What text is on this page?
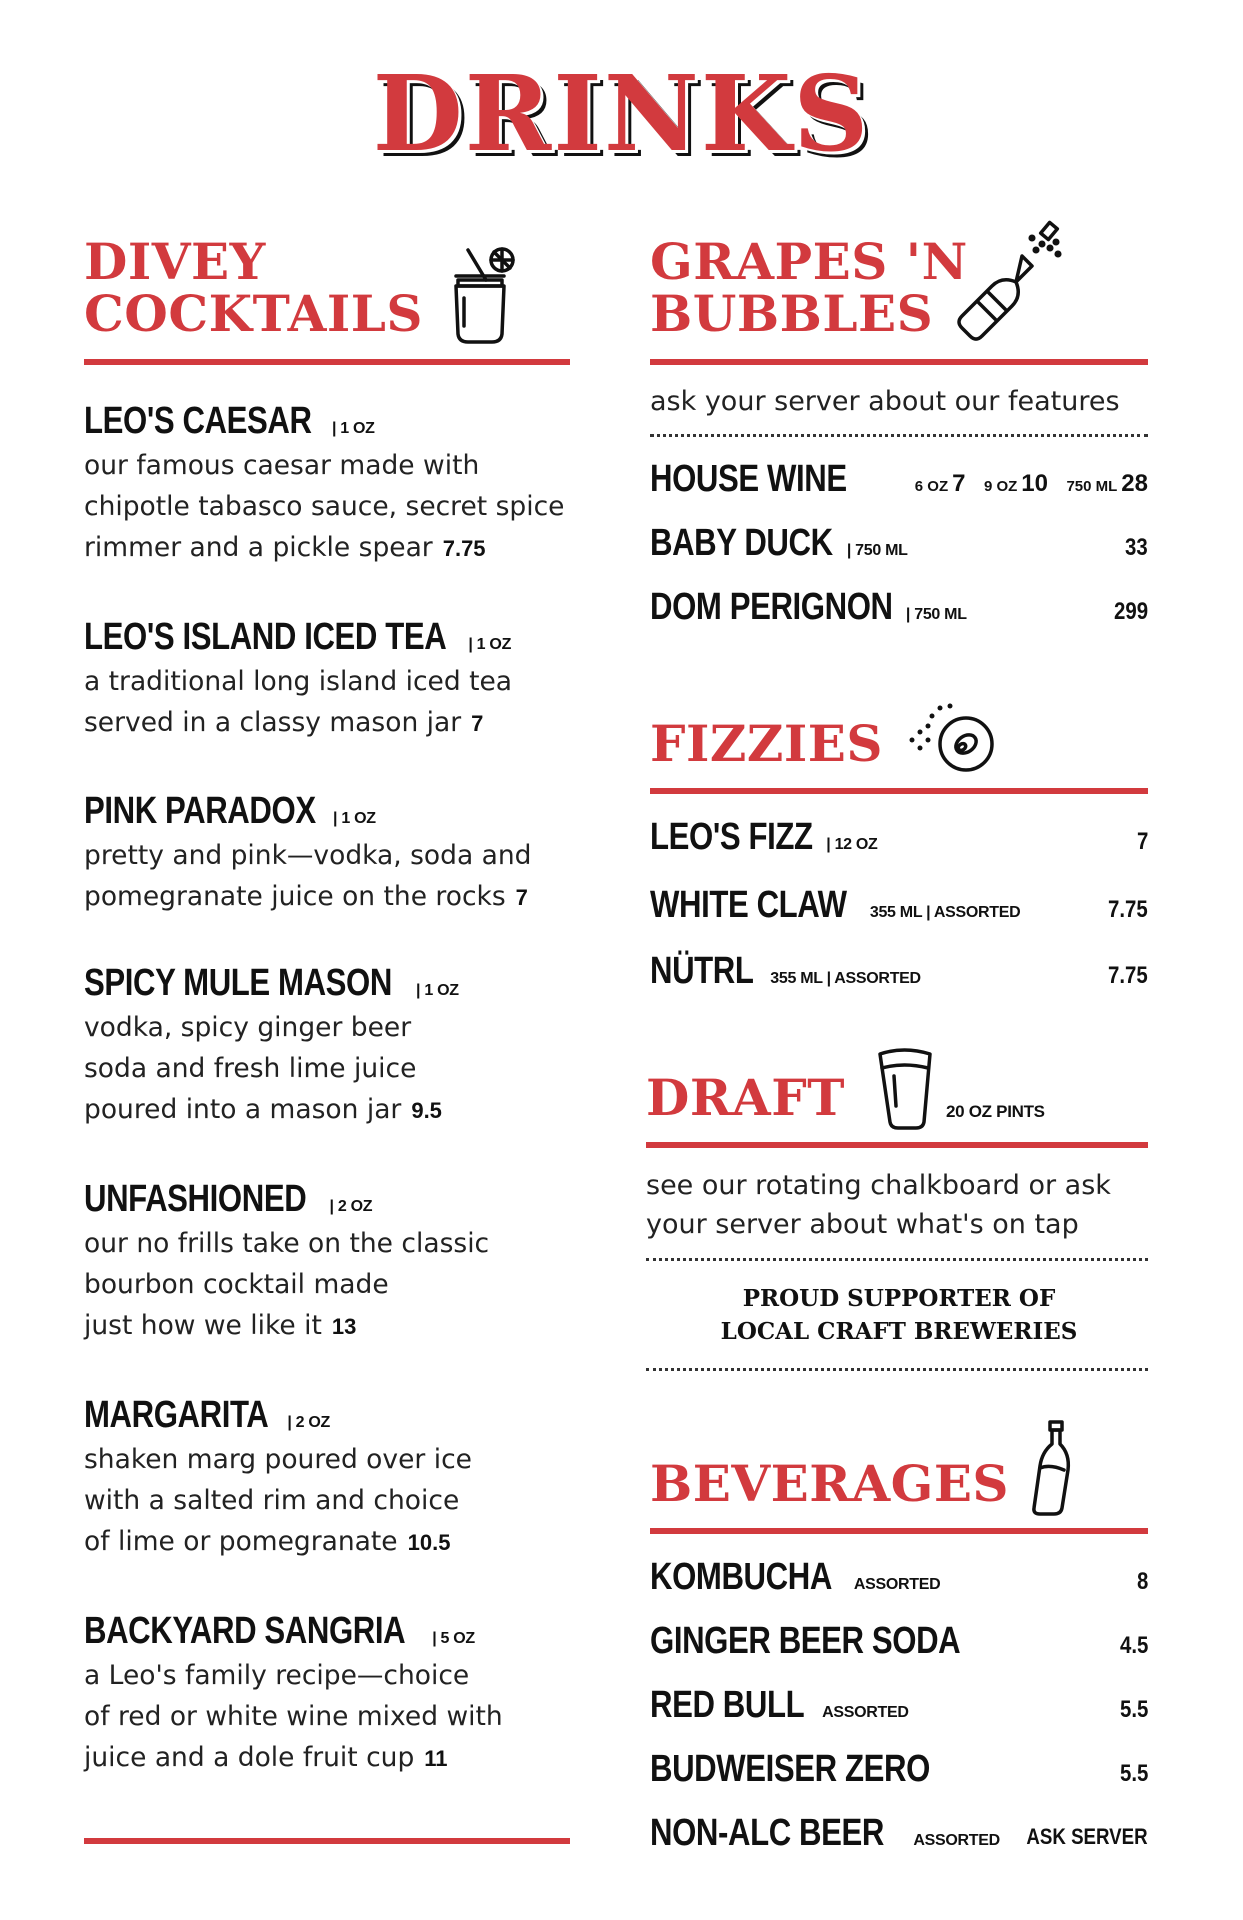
DRINKS
DIVEY
COCKTAILS
LEO'S CAESAR | 1 OZ
our famous caesar made with
chipotle tabasco sauce, secret spice
rimmer and a pickle spear 7.75
LEO'S ISLAND ICED TEA | 1 OZ
a traditional long island iced tea
served in a classy mason jar 7
PINK PARADOX | 1 OZ
pretty and pink—vodka, soda and
pomegranate juice on the rocks 7
SPICY MULE MASON | 1 OZ
vodka, spicy ginger beer
soda and fresh lime juice
poured into a mason jar 9.5
UNFASHIONED | 2 OZ
our no frills take on the classic
bourbon cocktail made
just how we like it 13
MARGARITA | 2 OZ
shaken marg poured over ice
with a salted rim and choice
of lime or pomegranate 10.5
BACKYARD SANGRIA | 5 OZ
a Leo's family recipe—choice
of red or white wine mixed with
juice and a dole fruit cup 11
GRAPES 'N
BUBBLES
ask your server about our features
HOUSE WINE	6 OZ 7 9 OZ 10 750 ML 28
BABY DUCK | 750 ML	33
DOM PERIGNON | 750 ML	299
FIZZIES
LEO'S FIZZ | 12 OZ	7
WHITE CLAW 355 ML | ASSORTED	7.75
NÜTRL 355 ML | ASSORTED	7.75
DRAFT	20 OZ PINTS
see our rotating chalkboard or ask
your server about what's on tap
PROUD SUPPORTER OF
LOCAL CRAFT BREWERIES
BEVERAGES
KOMBUCHA ASSORTED	8
GINGER BEER SODA	4.5
RED BULL ASSORTED	5.5
BUDWEISER ZERO	5.5
NON-ALC BEER ASSORTED ASK SERVER
